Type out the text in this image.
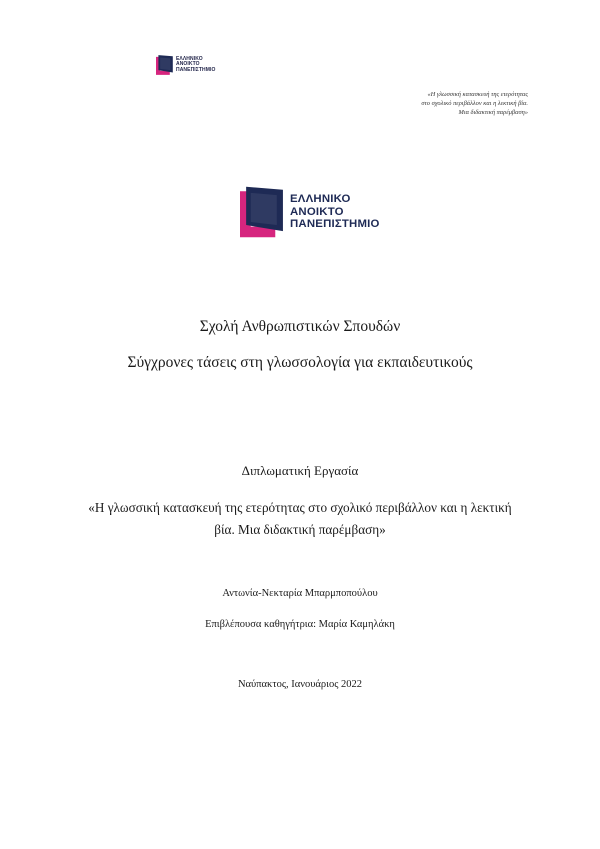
ΕΛΛΗΝΙΚΟ
ΑΝΟΙΚΤΟ
ΠΑΝΕΠΙΣΤΗΜΙΟ
«Η γλωσσική κατασκευή της ετερότητας
στο σχολικό περιβάλλον και η λεκτική βία.
Μια διδακτική παρέμβαση»
ΕΛΛΗΝΙΚΟ
ΑΝΟΙΚΤΟ
ΠΑΝΕΠΙΣΤΗΜΙΟ
Σχολή Ανθρωπιστικών Σπουδών
Σύγχρονες τάσεις στη γλωσσολογία για εκπαιδευτικούς
Διπλωματική Εργασία
«Η γλωσσική κατασκευή της ετερότητας στο σχολικό περιβάλλον και η λεκτική
βία. Μια διδακτική παρέμβαση»
Αντωνία-Νεκταρία Μπαρμποπούλου
Επιβλέπουσα καθηγήτρια: Μαρία Καμηλάκη
Ναύπακτος, Ιανουάριος 2022
